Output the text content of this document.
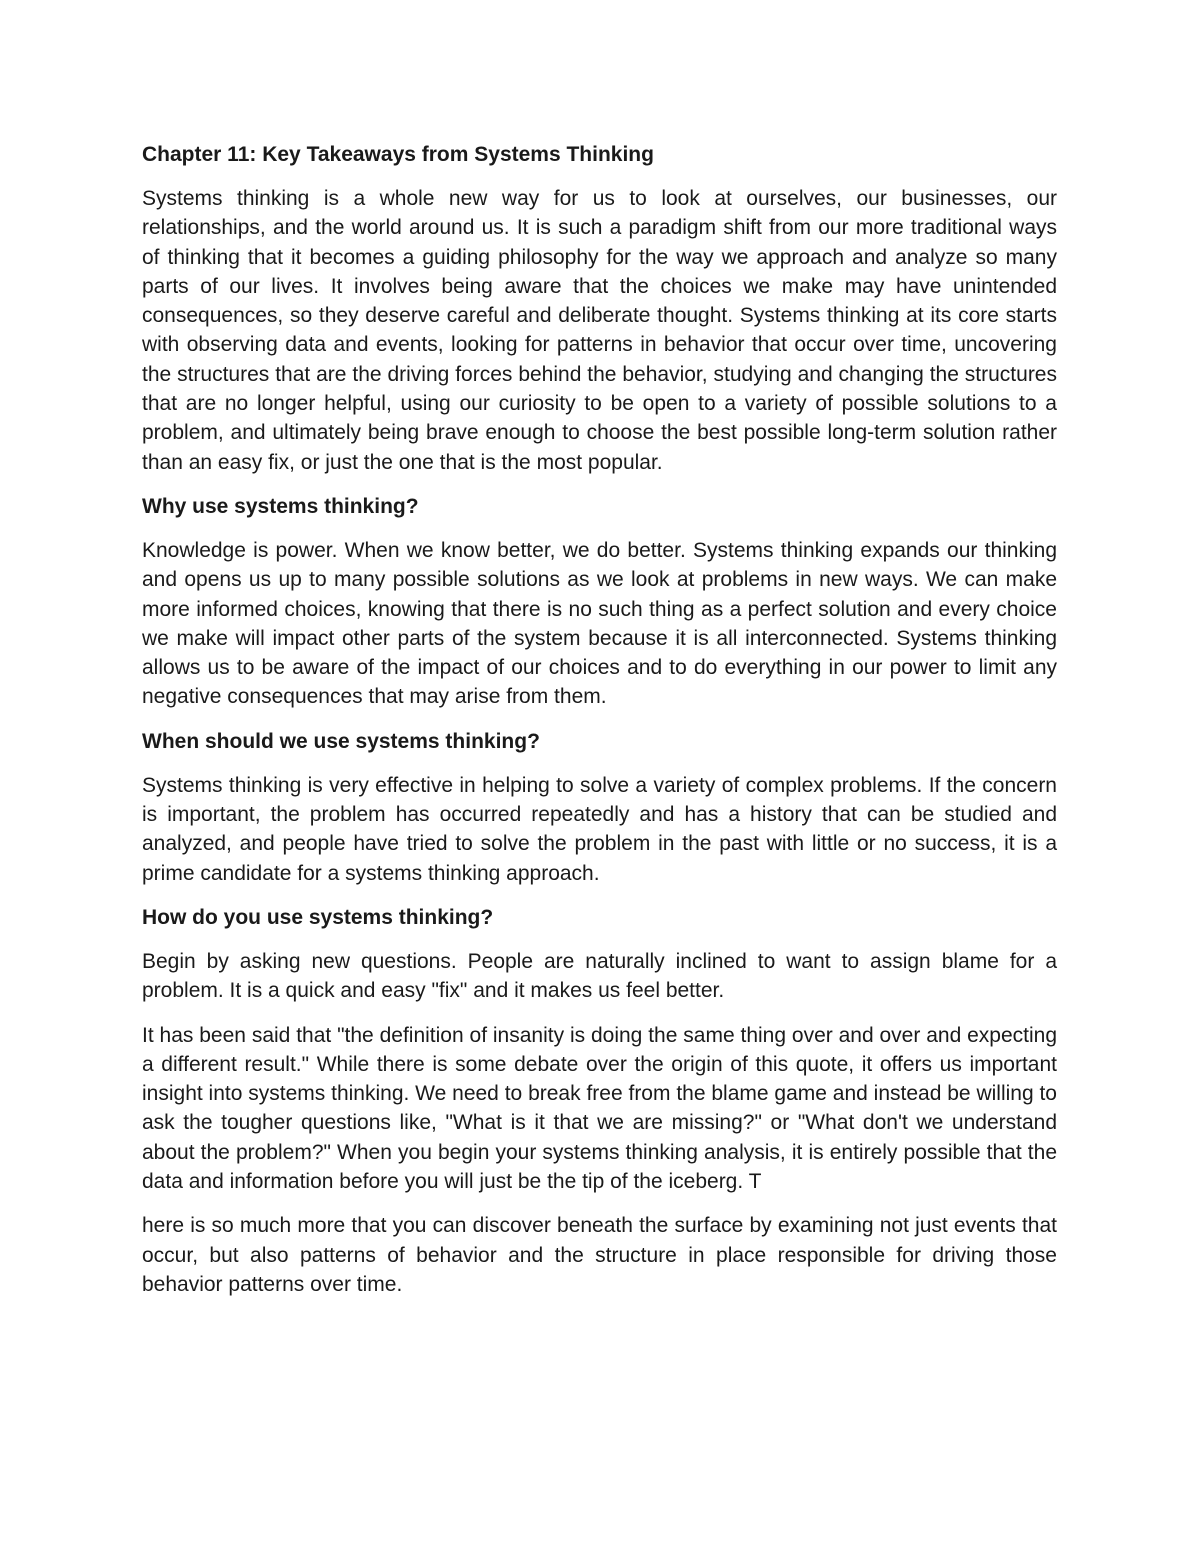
Chapter 11: Key Takeaways from Systems Thinking

Systems thinking is a whole new way for us to look at ourselves, our businesses, our relationships, and the world around us. It is such a paradigm shift from our more traditional ways of thinking that it becomes a guiding philosophy for the way we approach and analyze so many parts of our lives. It involves being aware that the choices we make may have unintended consequences, so they deserve careful and deliberate thought. Systems thinking at its core starts with observing data and events, looking for patterns in behavior that occur over time, uncovering the structures that are the driving forces behind the behavior, studying and changing the structures that are no longer helpful, using our curiosity to be open to a variety of possible solutions to a problem, and ultimately being brave enough to choose the best possible long-term solution rather than an easy fix, or just the one that is the most popular.

Why use systems thinking?

Knowledge is power. When we know better, we do better. Systems thinking expands our thinking and opens us up to many possible solutions as we look at problems in new ways. We can make more informed choices, knowing that there is no such thing as a perfect solution and every choice we make will impact other parts of the system because it is all interconnected. Systems thinking allows us to be aware of the impact of our choices and to do everything in our power to limit any negative consequences that may arise from them.

When should we use systems thinking?

Systems thinking is very effective in helping to solve a variety of complex problems. If the concern is important, the problem has occurred repeatedly and has a history that can be studied and analyzed, and people have tried to solve the problem in the past with little or no success, it is a prime candidate for a systems thinking approach.

How do you use systems thinking?

Begin by asking new questions. People are naturally inclined to want to assign blame for a problem. It is a quick and easy "fix" and it makes us feel better.

It has been said that "the definition of insanity is doing the same thing over and over and expecting a different result." While there is some debate over the origin of this quote, it offers us important insight into systems thinking. We need to break free from the blame game and instead be willing to ask the tougher questions like, "What is it that we are missing?" or "What don't we understand about the problem?" When you begin your systems thinking analysis, it is entirely possible that the data and information before you will just be the tip of the iceberg. T

here is so much more that you can discover beneath the surface by examining not just events that occur, but also patterns of behavior and the structure in place responsible for driving those behavior patterns over time.
